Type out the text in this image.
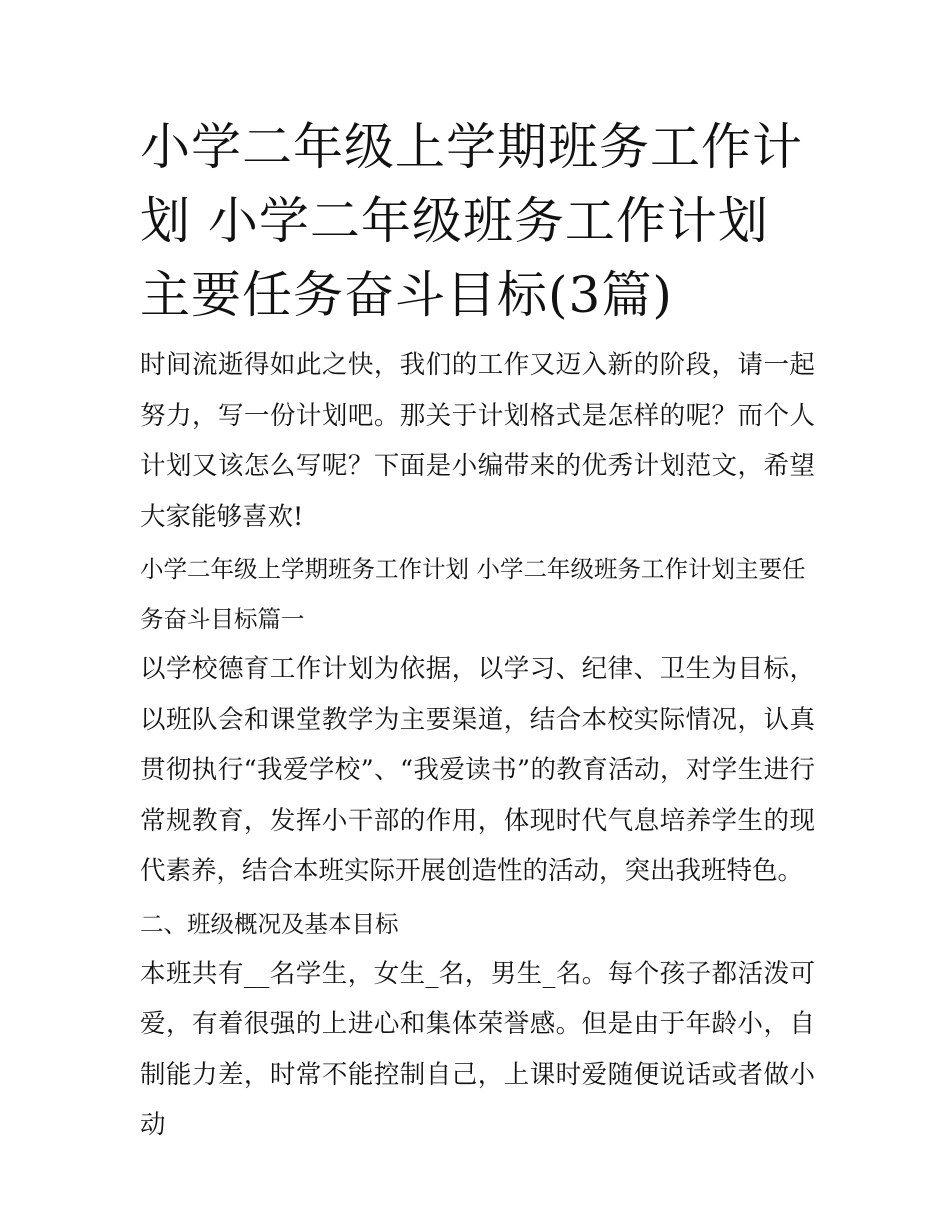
小学二年级上学期班务工作计划 小学二年级班务工作计划主要任务奋斗目标(3篇)

时间流逝得如此之快，我们的工作又迈入新的阶段，请一起努力，写一份计划吧。那关于计划格式是怎样的呢？而个人计划又该怎么写呢？下面是小编带来的优秀计划范文，希望大家能够喜欢!

小学二年级上学期班务工作计划 小学二年级班务工作计划主要任务奋斗目标篇一

以学校德育工作计划为依据，以学习、纪律、卫生为目标，以班队会和课堂教学为主要渠道，结合本校实际情况，认真贯彻执行“我爱学校”、“我爱读书”的教育活动，对学生进行常规教育，发挥小干部的作用，体现时代气息培养学生的现代素养，结合本班实际开展创造性的活动，突出我班特色。

二、班级概况及基本目标

本班共有__名学生，女生_名，男生_名。每个孩子都活泼可爱，有着很强的上进心和集体荣誉感。但是由于年龄小，自制能力差，时常不能控制自己，上课时爱随便说话或者做小动
